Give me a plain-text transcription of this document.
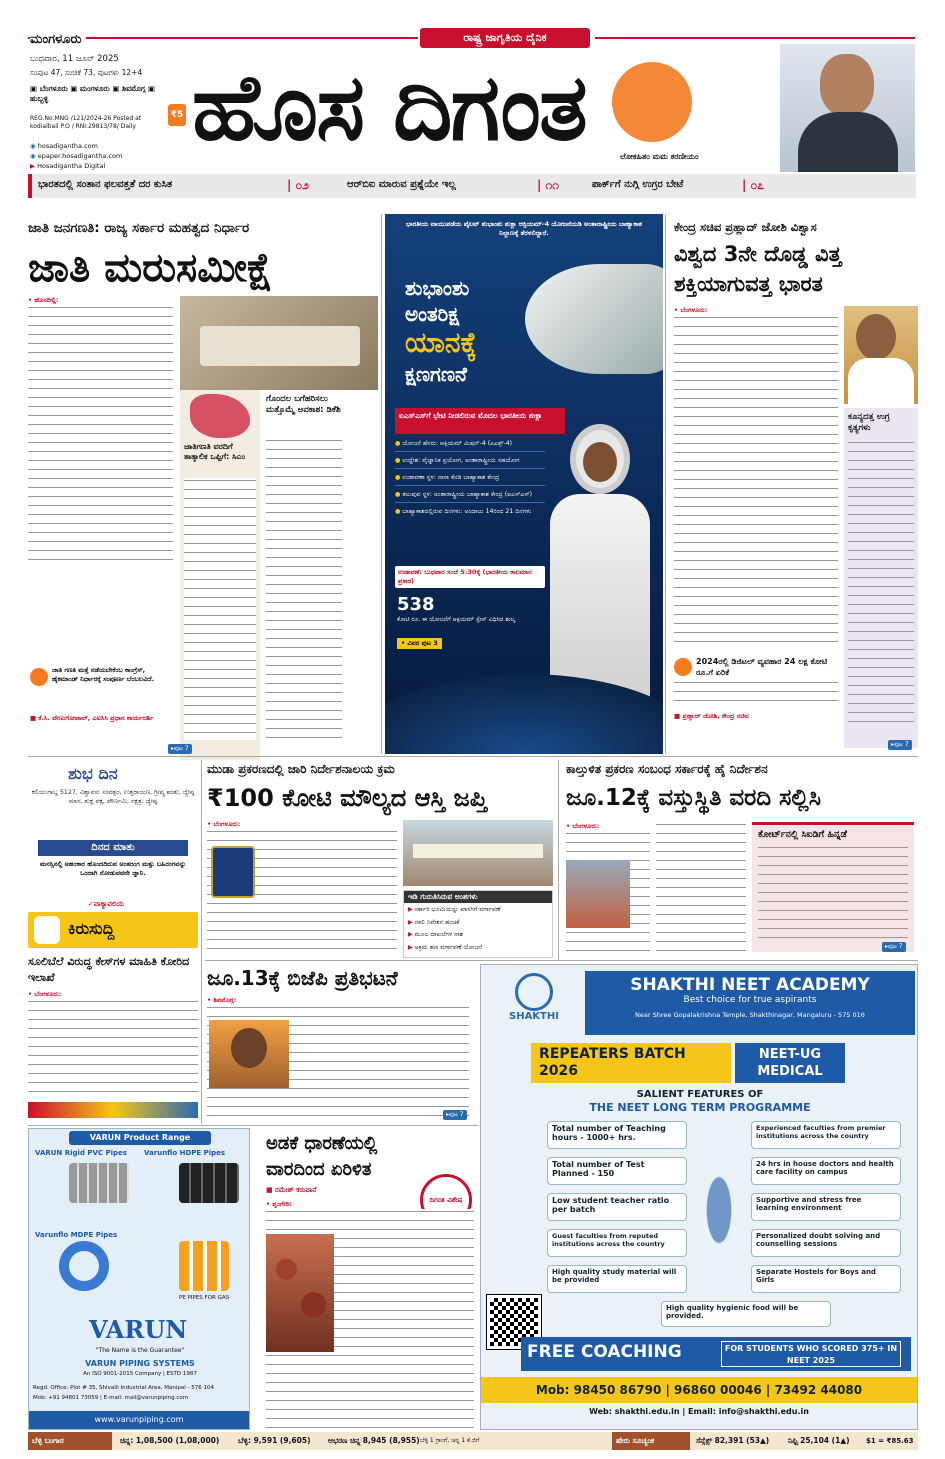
ರಾಷ್ಟ್ರ ಜಾಗೃತಿಯ ದೈನಿಕ
ಮಂಗಳೂರು
ಬುಧವಾರ, 11 ಜೂನ್ 2025
ಸಂಪುಟ 47, ಸಂಚಿಕೆ 73, ಪುಟಗಳು 12+4
▣ ಬೆಂಗಳೂರು ▣ ಮಂಗಳೂರು ▣ ಶಿವಮೊಗ್ಗ ▣ ಹುಬ್ಬಳ್ಳಿ
₹5
REG.No.MNG /121/2024-26 Posted at kodialbail P.O / RNI:29813/78/ Daily
◉ hosadigantha.com
◉ epaper.hosadigantha.com
▶ Hosadigantha Digital
ಹೊಸ ದಿಗಂತ	ಲೋಕಹಿತಂ ಮಮ ಕರಣೀಯಂ
ಭಾರತದಲ್ಲಿ ಸಂತಾನ ಫಲವತ್ತತೆ ದರ ಕುಸಿತ	| ೦೨	ಆರ್‌ಬಿಐ ಮಾರುವ ಪ್ರಶ್ನೆಯೇ ಇಲ್ಲ	| ೧೧	ಪಾರ್ಕ್‌ಗೆ ನುಗ್ಗಿ ಉಗ್ರರ ಬೇಟೆ	| ೦೭
ಜಾತಿ ಜನಗಣತಿ: ರಾಜ್ಯ ಸರ್ಕಾರ ಮಹತ್ವದ ನಿರ್ಧಾರ
ಜಾತಿ ಮರುಸಮೀಕ್ಷೆ
• ಹೊಸದಿಲ್ಲಿ:
ಜಾತಿಗಣತಿ ವರದಿಗೆ ತಾತ್ಕಾಲಿಕ ಒಪ್ಪಿಗೆ: ಸಿಎಂ
ಗೊಂದಲ ಬಗೆಹರಿಸಲು ಮತ್ತೊಮ್ಮೆ ಅವಕಾಶ: ಡಿಕೆಶಿ
ಜಾತಿ ಗಣತಿ ಮತ್ತೆ ನಡೆಯಬೇಕೆಂಬ ಕಾಂಗ್ರೆಸ್, ಹೈಕಮಾಂಡ್ ನಿರ್ಧಾರಕ್ಕೆ ಸಂಪೂರ್ಣ ಬೆಂಬಲವಿದೆ.
■ ಕೆ.ಸಿ. ವೇಣುಗೋಪಾಲ್, ಎಐಸಿಸಿ ಪ್ರಧಾನ ಕಾರ್ಯದರ್ಶಿ
▸ಪುಟ 7
ಭಾರತೀಯ ವಾಯುಪಡೆಯ ಪೈಲಟ್ ಶುಭಾಂಶು ಶುಕ್ಲಾ ಆಕ್ಸಿಯಮ್-4 ಯೋಜನೆಯಡಿ ಅಂತಾರಾಷ್ಟ್ರೀಯ ಬಾಹ್ಯಾಕಾಶ ನಿಲ್ದಾಣಕ್ಕೆ ತೆರಳಲಿದ್ದಾರೆ.
ಶುಭಾಂಶು
ಅಂತರಿಕ್ಷ
ಯಾನಕ್ಕೆ
ಕ್ಷಣಗಣನೆ
ಐಎಸ್‌ಎಸ್‌ಗೆ ಭೇಟಿ ನೀಡಲಿರುವ ಮೊದಲ ಭಾರತೀಯ ಶುಕ್ಲಾ
● ಯೋಜನೆ ಹೆಸರು: ಆಕ್ಸಿಯಮ್ ಮಿಷನ್-4 (ಎಎಕ್ಸ್-4)
● ಉದ್ದೇಶ: ವೈಜ್ಞಾನಿಕ ಪ್ರಯೋಗ, ಅಂತಾರಾಷ್ಟ್ರೀಯ ಸಹಯೋಗ
● ಉಡಾವಣಾ ಸ್ಥಳ: ನಾಸಾ ಕೆನಡಿ ಬಾಹ್ಯಾಕಾಶ ಕೇಂದ್ರ
● ತಲುಪುವ ಸ್ಥಳ: ಅಂತಾರಾಷ್ಟ್ರೀಯ ಬಾಹ್ಯಾಕಾಶ ಕೇಂದ್ರ (ಐಎಸ್‌ಎಸ್)
● ಬಾಹ್ಯಾಕಾಶದಲ್ಲಿರುವ ದಿನಗಳು: ಅಂದಾಜು 14ರಿಂದ 21 ದಿನಗಳು
ಉಡಾವಣೆ: ಬುಧವಾರ ಸಂಜೆ 5:30ಕ್ಕೆ (ಭಾರತೀಯ ಕಾಲಮಾನ ಪ್ರಕಾರ)
538
ಕೋಟಿ ರೂ. ಈ ಯೋಜನೆಗೆ ಆಕ್ಸಿಯಮ್ ಸ್ಪೇಸ್ ವಿಧಿಸಿದ ಶುಲ್ಕ
• ವಿವರ ಪುಟ 3
ಕೇಂದ್ರ ಸಚಿವ ಪ್ರಹ್ಲಾದ್ ಜೋಶಿ ವಿಶ್ವಾಸ
ವಿಶ್ವದ 3ನೇ ದೊಡ್ಡ ವಿತ್ತ
ಶಕ್ತಿಯಾಗುವತ್ತ ಭಾರತ
• ಬೆಂಗಳೂರು:
ಕೂನ್ಯದತ್ತ ಉಗ್ರ ಕೃತ್ಯಗಳು
2024ರಲ್ಲಿ ಡಿಜಿಟಲ್ ವ್ಯವಹಾರ 24 ಲಕ್ಷ ಕೋಟಿ ರೂ.ಗೆ ಏರಿಕೆ
■ ಪ್ರಹ್ಲಾದ್ ಜೋಶಿ, ಕೇಂದ್ರ ಸಚಿವ
▸ಪುಟ 7
ಶುಭ ದಿನ
ಕಲಿಯುಗಾಬ್ದ 5127, ವಿಶ್ವಾವಸು ಸಂವತ್ಸರ, ಉತ್ತರಾಯಣ, ಗ್ರೀಷ್ಮ ಋತು, ಜ್ಯೇಷ್ಠ ಮಾಸ, ಶುಕ್ಲ ಪಕ್ಷ, ಪೌರ್ಣಮಿ, ನಕ್ಷತ್ರ: ಜ್ಯೇಷ್ಠ
ದಿನದ ಮಾತು
ಮನಸ್ಸಿನಲ್ಲಿ ಅಹಂಕಾರ ಹೊಂದದಿರುವ ಅಂತರಂಗ ಮತ್ತು ಬಹಿರಂಗವನ್ನು ಒಂದಾಗಿ ನೋಡುವವನೇ ಜ್ಞಾನಿ.
✓ವಾಕ್ಯಾವಲಿಯ
ಕಿರುಸುದ್ದಿ
ಸೂಲಿಬೆಲೆ ವಿರುದ್ಧ ಕೇಸ್‌ಗಳ ಮಾಹಿತಿ ಕೋರಿದ ಇಲಾಖೆ
• ಬೆಂಗಳೂರು:
ಮುಡಾ ಪ್ರಕರಣದಲ್ಲಿ ಜಾರಿ ನಿರ್ದೇಶನಾಲಯ ಕ್ರಮ
₹100 ಕೋಟಿ ಮೌಲ್ಯದ ಆಸ್ತಿ ಜಪ್ತಿ
• ಬೆಂಗಳೂರು:
ಇಡಿ ಗುರುತಿಸಿರುವ ಅಂಶಗಳು
▶ ಸರ್ಕಾರಿ ಭೂಮಿಯನ್ನು ಖಾಸಗಿಗೆ ವರ್ಗಾವಣೆ
▶ ನಕಲಿ ನಿವೇಶನ ಹಂಚಿಕೆ
▶ ಮೂಲ ದಾಖಲೆಗಳ ನಾಶ
▶ ಅಕ್ರಮ ಹಣ ವರ್ಗಾವಣೆ ಯೋಜನೆ
ಕಾಲ್ತುಳಿತ ಪ್ರಕರಣ ಸಂಬಂಧ ಸರ್ಕಾರಕ್ಕೆ ಹೈ ನಿರ್ದೇಶನ
ಜೂ.12ಕ್ಕೆ ವಸ್ತುಸ್ಥಿತಿ ವರದಿ ಸಲ್ಲಿಸಿ
• ಬೆಂಗಳೂರು:
ಕೋರ್ಟ್‌ನಲ್ಲಿ ಸಿಐಡಿಗೆ ಹಿನ್ನಡೆ
▸ಪುಟ 7
ಜೂ.13ಕ್ಕೆ ಬಿಜೆಪಿ ಪ್ರತಿಭಟನೆ
• ಶಿವಮೊಗ್ಗ:
▸ಪುಟ 7
SHAKTHI
SHAKTHI NEET ACADEMY
Best choice for true aspirants
Near Shree Gopalakrishna Temple, Shakthinagar, Mangaluru - 575 016
REPEATERS BATCH 2026
NEET-UG MEDICAL
SALIENT FEATURES OF
THE NEET LONG TERM PROGRAMME
Total number of Teaching hours - 1000+ hrs.
Total number of Test Planned - 150
Low student teacher ratio per batch
Guest faculties from reputed institutions across the country
High quality study material will be provided
Experienced faculties from premier institutions across the country
24 hrs in house doctors and health care facility on campus
Supportive and stress free learning environment
Personalized doubt solving and counselling sessions
Separate Hostels for Boys and Girls
High quality hygienic food will be provided.
FREE COACHING	FOR STUDENTS WHO SCORED 375+ IN NEET 2025
Mob: 98450 86790 | 96860 00046 | 73492 44080
Web: shakthi.edu.in | Email: info@shakthi.edu.in
VARUN Product Range
VARUN Rigid PVC Pipes	Varunflo HDPE Pipes
Varunflo MDPE Pipes
PE PIPES FOR GAS
VARUN
"The Name is the Guarantee"
VARUN PIPING SYSTEMS
An ISO 9001-2015 Company | ESTD 1987
Regd. Office: Plot # 35, Shivalli Industrial Area, Manipal - 576 104
Mob: +91 94801 73059 | E-mail: mail@varunpiping.com
www.varunpiping.com
ಅಡಕೆ ಧಾರಣೆಯಲ್ಲಿ
ವಾರದಿಂದ ಏರಿಳಿತ
■ ರಮೇಶ್ ಕರುವಾನೆ
ದಿಗಂತ ವಿಶೇಷ
• ಶೃಂಗೇರಿ:
ಬೆಳ್ಳಿ ಬಂಗಾರ	ಚಿನ್ನ: 1,08,500 (1,08,000) ಬೆಳ್ಳಿ: 9,591 (9,605) ಆಭರಣ ಚಿನ್ನ 8,945 (8,955) ಬೆಳ್ಳಿ 1 ಗ್ರಾಂಗೆ, ಚಿನ್ನ 1 ಕೆ.ಜಿಗೆ	ಷೇರು ಸೂಚ್ಯಂಕ	ಸೆನ್ಸೆಕ್ಸ್ 82,391 (53▲)	ನಿಫ್ಟಿ 25,104 (1▲) $1 = ₹85.63
